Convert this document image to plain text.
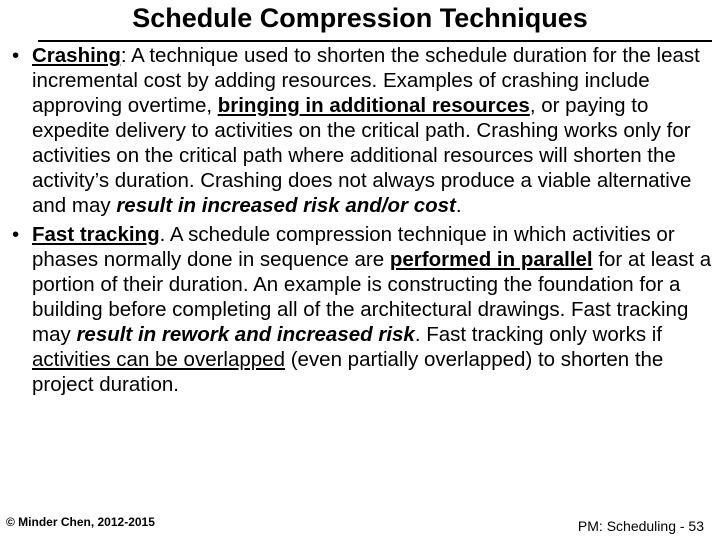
Schedule Compression Techniques

• Crashing: A technique used to shorten the schedule duration for the least incremental cost by adding resources. Examples of crashing include approving overtime, bringing in additional resources, or paying to expedite delivery to activities on the critical path. Crashing works only for activities on the critical path where additional resources will shorten the activity’s duration. Crashing does not always produce a viable alternative and may result in increased risk and/or cost.

• Fast tracking. A schedule compression technique in which activities or phases normally done in sequence are performed in parallel for at least a portion of their duration. An example is constructing the foundation for a building before completing all of the architectural drawings. Fast tracking may result in rework and increased risk. Fast tracking only works if activities can be overlapped (even partially overlapped) to shorten the project duration.

© Minder Chen, 2012-2015	PM: Scheduling - 53
